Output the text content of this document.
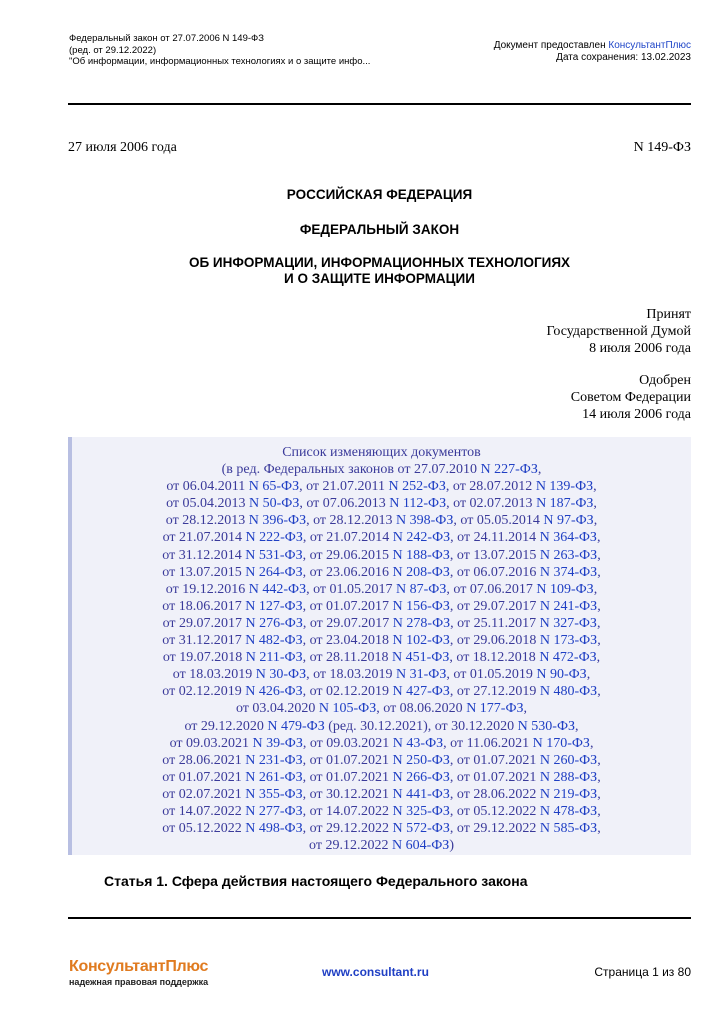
Федеральный закон от 27.07.2006 N 149-ФЗ
(ред. от 29.12.2022)
"Об информации, информационных технологиях и о защите инфо...
Документ предоставлен КонсультантПлюс
Дата сохранения: 13.02.2023
27 июля 2006 года	N 149-ФЗ
РОССИЙСКАЯ ФЕДЕРАЦИЯ
ФЕДЕРАЛЬНЫЙ ЗАКОН
ОБ ИНФОРМАЦИИ, ИНФОРМАЦИОННЫХ ТЕХНОЛОГИЯХ
И О ЗАЩИТЕ ИНФОРМАЦИИ
Принят
Государственной Думой
8 июля 2006 года
Одобрен
Советом Федерации
14 июля 2006 года
Список изменяющих документов
(в ред. Федеральных законов от 27.07.2010 N 227-ФЗ,
от 06.04.2011 N 65-ФЗ, от 21.07.2011 N 252-ФЗ, от 28.07.2012 N 139-ФЗ,
от 05.04.2013 N 50-ФЗ, от 07.06.2013 N 112-ФЗ, от 02.07.2013 N 187-ФЗ,
от 28.12.2013 N 396-ФЗ, от 28.12.2013 N 398-ФЗ, от 05.05.2014 N 97-ФЗ,
от 21.07.2014 N 222-ФЗ, от 21.07.2014 N 242-ФЗ, от 24.11.2014 N 364-ФЗ,
от 31.12.2014 N 531-ФЗ, от 29.06.2015 N 188-ФЗ, от 13.07.2015 N 263-ФЗ,
от 13.07.2015 N 264-ФЗ, от 23.06.2016 N 208-ФЗ, от 06.07.2016 N 374-ФЗ,
от 19.12.2016 N 442-ФЗ, от 01.05.2017 N 87-ФЗ, от 07.06.2017 N 109-ФЗ,
от 18.06.2017 N 127-ФЗ, от 01.07.2017 N 156-ФЗ, от 29.07.2017 N 241-ФЗ,
от 29.07.2017 N 276-ФЗ, от 29.07.2017 N 278-ФЗ, от 25.11.2017 N 327-ФЗ,
от 31.12.2017 N 482-ФЗ, от 23.04.2018 N 102-ФЗ, от 29.06.2018 N 173-ФЗ,
от 19.07.2018 N 211-ФЗ, от 28.11.2018 N 451-ФЗ, от 18.12.2018 N 472-ФЗ,
от 18.03.2019 N 30-ФЗ, от 18.03.2019 N 31-ФЗ, от 01.05.2019 N 90-ФЗ,
от 02.12.2019 N 426-ФЗ, от 02.12.2019 N 427-ФЗ, от 27.12.2019 N 480-ФЗ,
от 03.04.2020 N 105-ФЗ, от 08.06.2020 N 177-ФЗ,
от 29.12.2020 N 479-ФЗ (ред. 30.12.2021), от 30.12.2020 N 530-ФЗ,
от 09.03.2021 N 39-ФЗ, от 09.03.2021 N 43-ФЗ, от 11.06.2021 N 170-ФЗ,
от 28.06.2021 N 231-ФЗ, от 01.07.2021 N 250-ФЗ, от 01.07.2021 N 260-ФЗ,
от 01.07.2021 N 261-ФЗ, от 01.07.2021 N 266-ФЗ, от 01.07.2021 N 288-ФЗ,
от 02.07.2021 N 355-ФЗ, от 30.12.2021 N 441-ФЗ, от 28.06.2022 N 219-ФЗ,
от 14.07.2022 N 277-ФЗ, от 14.07.2022 N 325-ФЗ, от 05.12.2022 N 478-ФЗ,
от 05.12.2022 N 498-ФЗ, от 29.12.2022 N 572-ФЗ, от 29.12.2022 N 585-ФЗ,
от 29.12.2022 N 604-ФЗ)
Статья 1. Сфера действия настоящего Федерального закона
КонсультантПлюс
надежная правовая поддержка
www.consultant.ru	Страница 1 из 80
